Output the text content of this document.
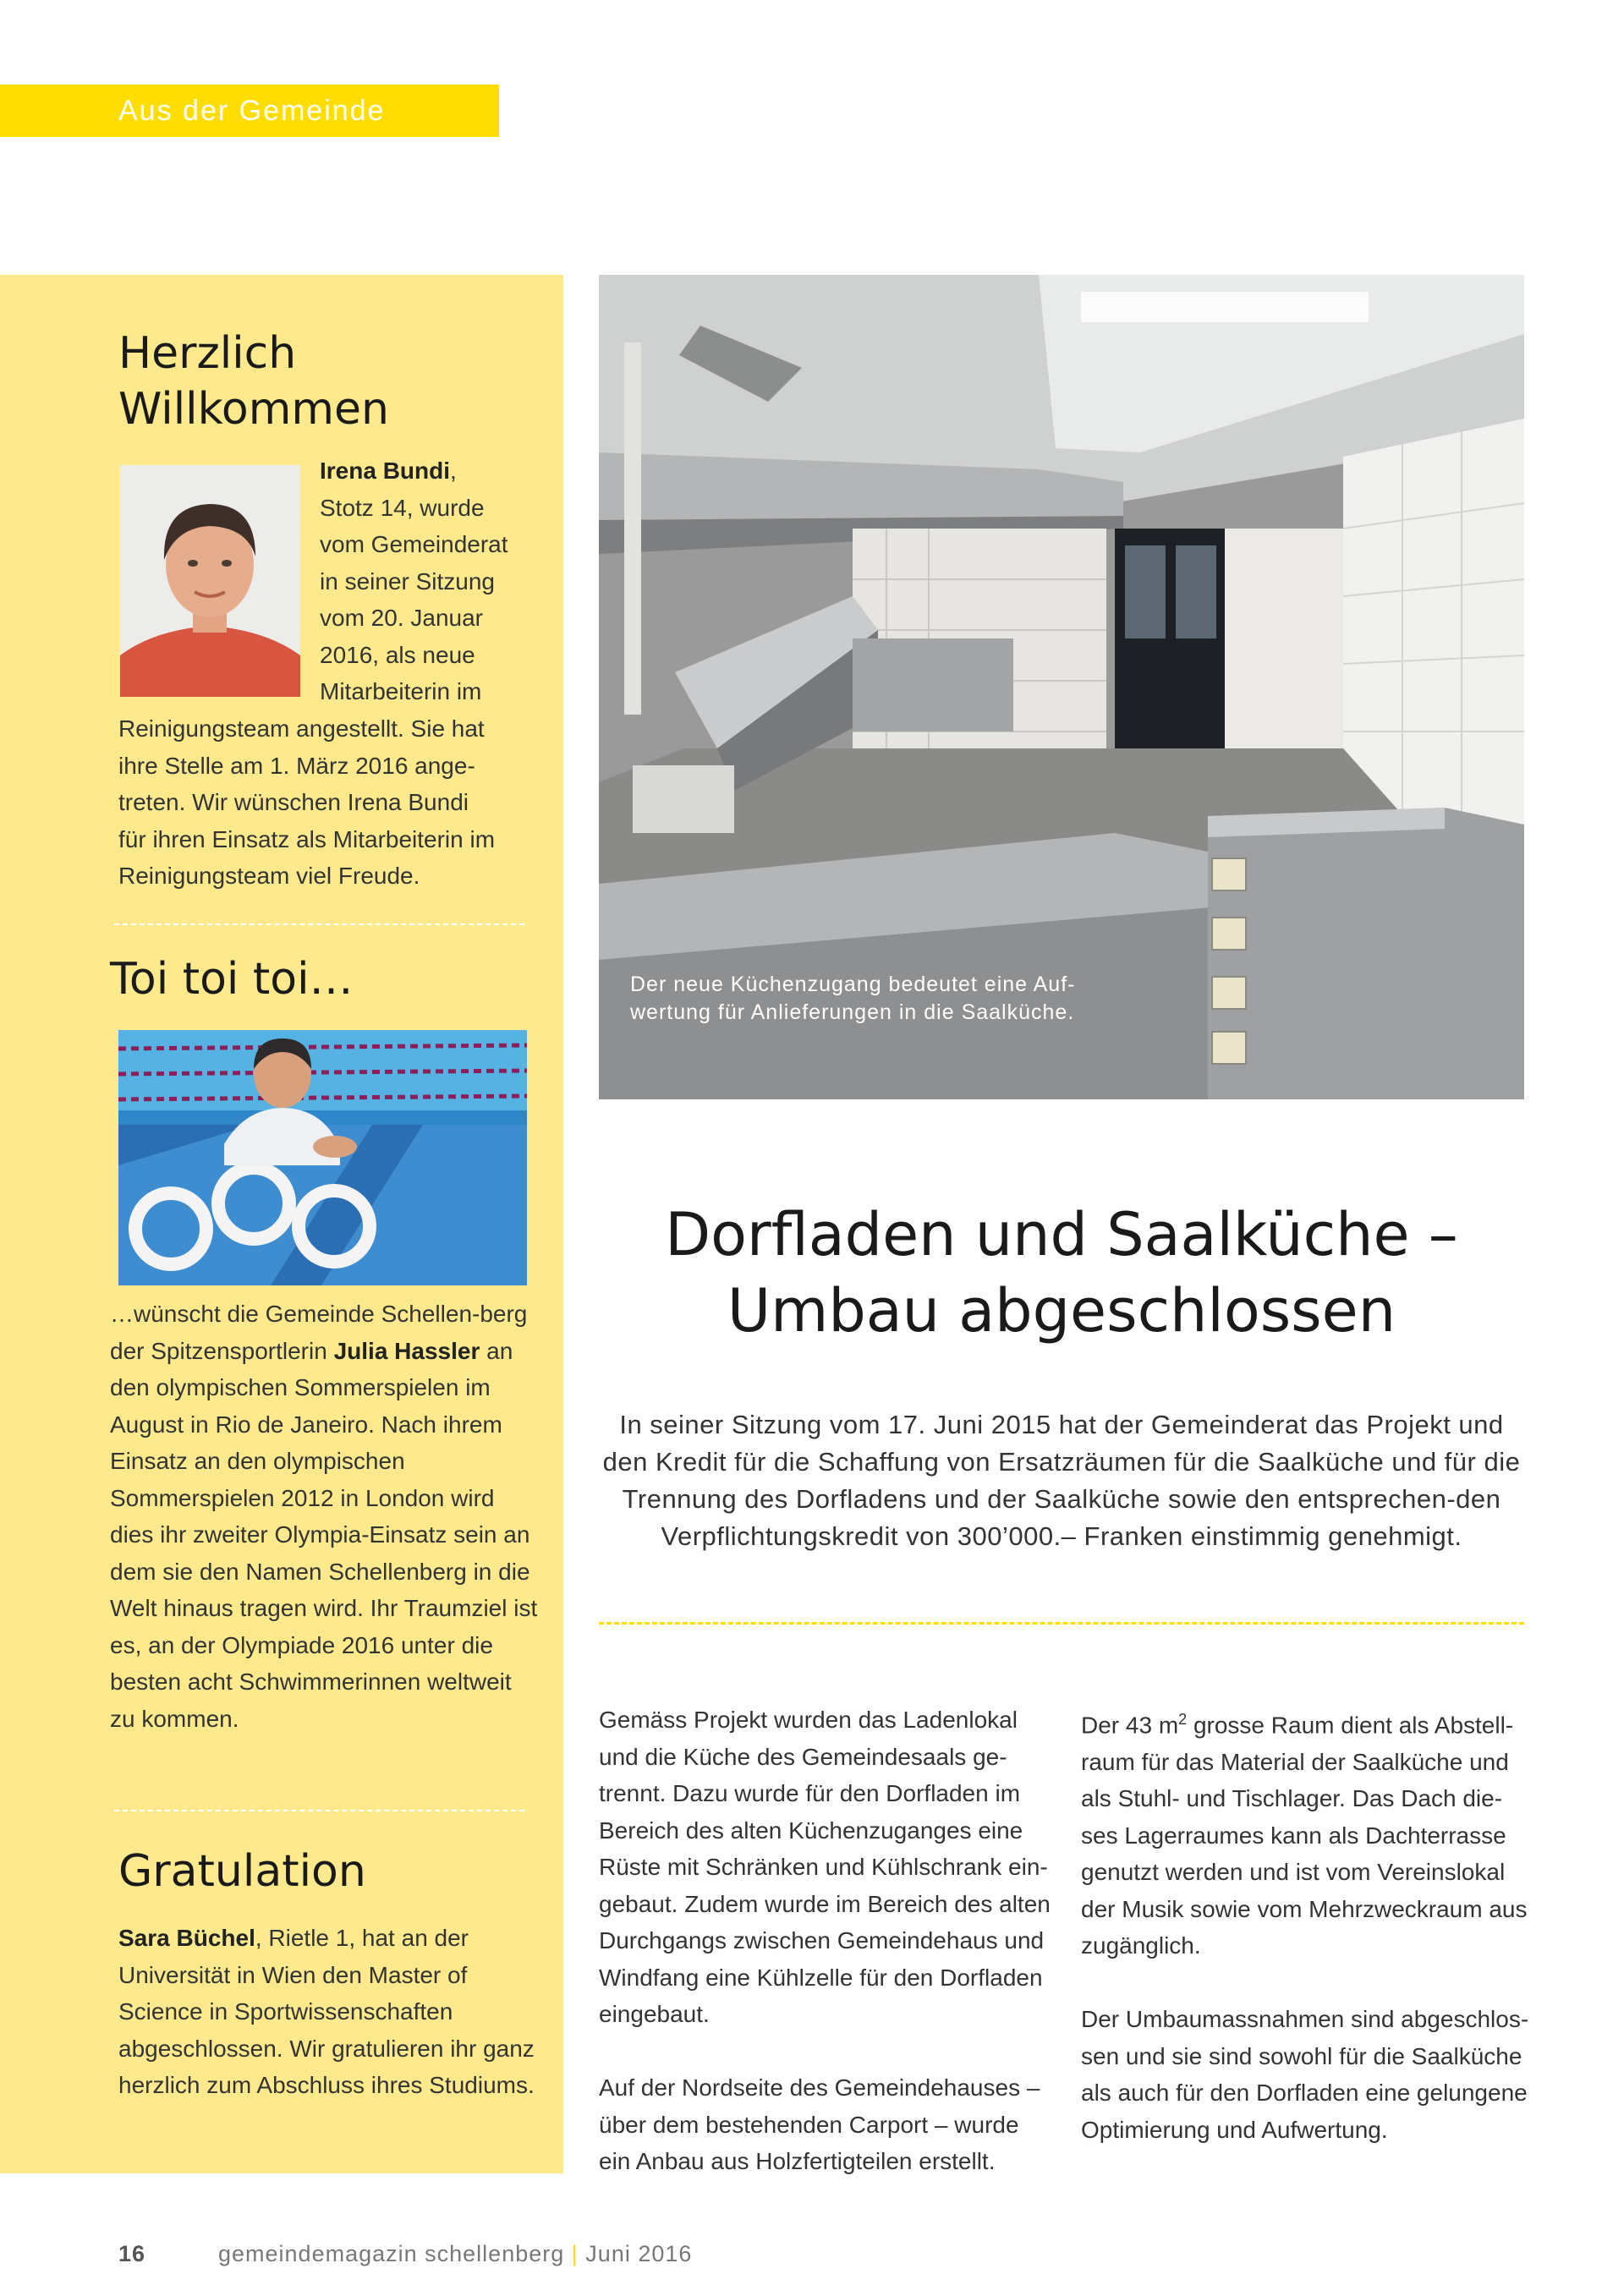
Aus der Gemeinde
Herzlich
Willkommen
Irena Bundi,
Stotz 14, wurde
vom Gemeinderat
in seiner Sitzung
vom 20. Januar
2016, als neue
Mitarbeiterin im
Reinigungsteam angestellt. Sie hat
ihre Stelle am 1. März 2016 ange-
treten. Wir wünschen Irena Bundi
für ihren Einsatz als Mitarbeiterin im
Reinigungsteam viel Freude.
Toi toi toi…
…wünscht die Gemeinde Schellen-berg der Spitzensportlerin Julia Hassler an den olympischen Sommerspielen im August in Rio de Janeiro. Nach ihrem Einsatz an den olympischen Sommerspielen 2012 in London wird dies ihr zweiter Olympia-Einsatz sein an dem sie den Namen Schellenberg in die Welt hinaus tragen wird. Ihr Traumziel ist es, an der Olympiade 2016 unter die besten acht Schwimmerinnen weltweit zu kommen.
Gratulation
Sara Büchel, Rietle 1, hat an der Universität in Wien den Master of Science in Sportwissenschaften abgeschlossen. Wir gratulieren ihr ganz herzlich zum Abschluss ihres Studiums.
Der neue Küchenzugang bedeutet eine Auf-wertung für Anlieferungen in die Saalküche.
Dorfladen und Saalküche –
Umbau abgeschlossen
In seiner Sitzung vom 17. Juni 2015 hat der Gemeinderat das Projekt und den Kredit für die Schaffung von Ersatzräumen für die Saalküche und für die Trennung des Dorfladens und der Saalküche sowie den entsprechen-den Verpflichtungskredit von 300’000.– Franken einstimmig genehmigt.

Gemäss Projekt wurden das Ladenlokal und die Küche des Gemeindesaals ge-trennt. Dazu wurde für den Dorfladen im Bereich des alten Küchenzuganges eine Rüste mit Schränken und Kühlschrank ein-gebaut. Zudem wurde im Bereich des alten Durchgangs zwischen Gemeindehaus und Windfang eine Kühlzelle für den Dorfladen eingebaut.

Auf der Nordseite des Gemeindehauses – über dem bestehenden Carport – wurde ein Anbau aus Holzfertigteilen erstellt.

Der 43 $m^2$ grosse Raum dient als Abstell-raum für das Material der Saalküche und als Stuhl- und Tischlager. Das Dach die-ses Lagerraumes kann als Dachterrasse genutzt werden und ist vom Vereinslokal der Musik sowie vom Mehrzweckraum aus zugänglich.

Der Umbaumassnahmen sind abgeschlos-sen und sie sind sowohl für die Saalküche als auch für den Dorfladen eine gelungene Optimierung und Aufwertung.

16	gemeindemagazin schellenberg | Juni 2016
